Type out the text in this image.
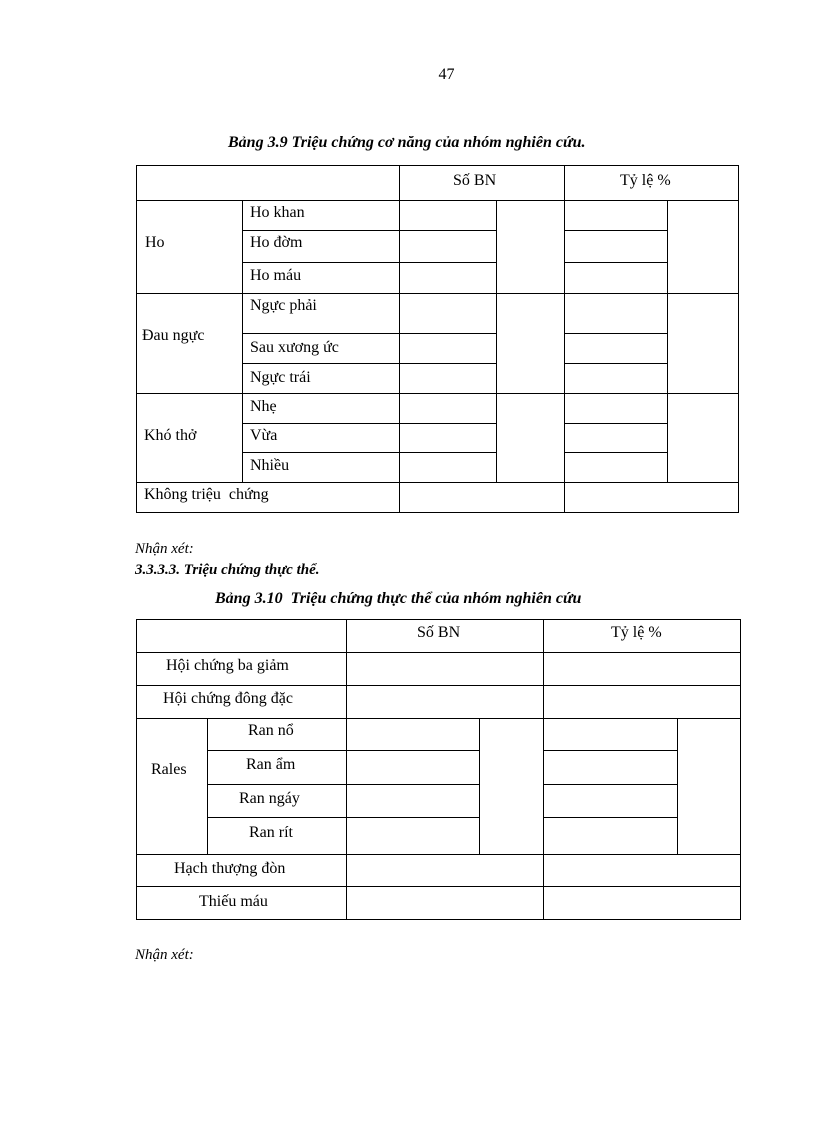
47
Bảng 3.9 Triệu chứng cơ năng của nhóm nghiên cứu.
Số BN	Tỷ lệ %
Ho
Ho khan
Ho đờm
Ho máu
Đau ngực
Ngực phải
Sau xương ức
Ngực trái
Khó thở
Nhẹ
Vừa
Nhiều
Không triệu  chứng
Nhận xét:
3.3.3.3. Triệu chứng thực thể.
Bảng 3.10  Triệu chứng thực thể của nhóm nghiên cứu
Số BN	Tỷ lệ %
Hội chứng ba giảm
Hội chứng đông đặc
Rales
Ran nổ
Ran ẩm
Ran ngáy
Ran rít
Hạch thượng đòn
Thiếu máu
Nhận xét:
